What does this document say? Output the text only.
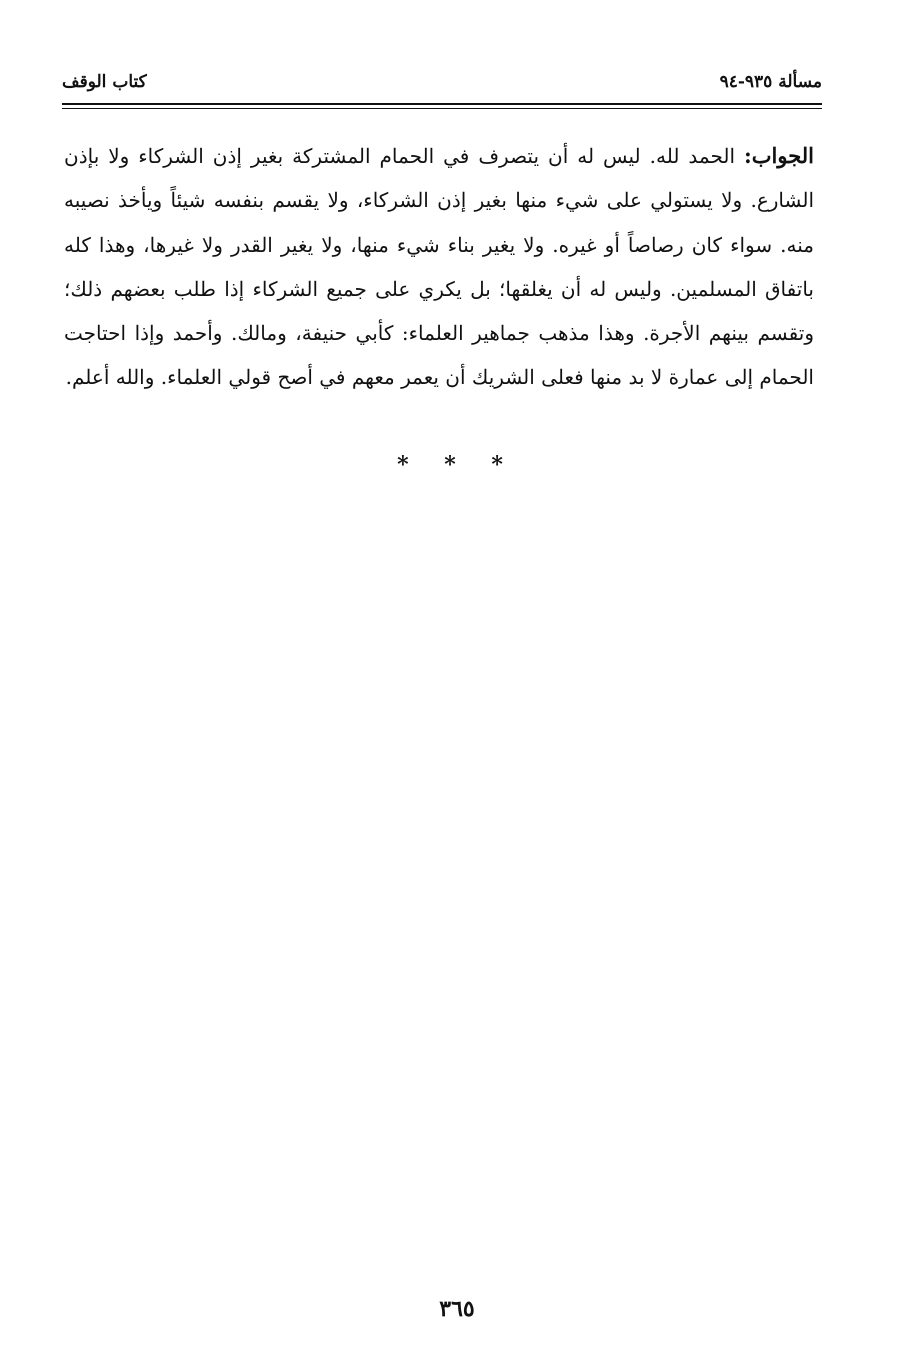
مسألة ٩٣٥-٩٤
كتاب الوقف
الجواب: الحمد لله. ليس له أن يتصرف في الحمام المشتركة بغير إذن الشركاء ولا بإذن الشارع. ولا يستولي على شيء منها بغير إذن الشركاء، ولا يقسم بنفسه شيئاً ويأخذ نصيبه منه. سواء كان رصاصاً أو غيره. ولا يغير بناء شيء منها، ولا يغير القدر ولا غيرها، وهذا كله باتفاق المسلمين. وليس له أن يغلقها؛ بل يكري على جميع الشركاء إذا طلب بعضهم ذلك؛ وتقسم بينهم الأجرة. وهذا مذهب جماهير العلماء: كأبي حنيفة، ومالك. وأحمد وإذا احتاجت الحمام إلى عمارة لا بد منها فعلى الشريك أن يعمر معهم في أصح قولي العلماء. والله أعلم.
* * *
٣٦٥
